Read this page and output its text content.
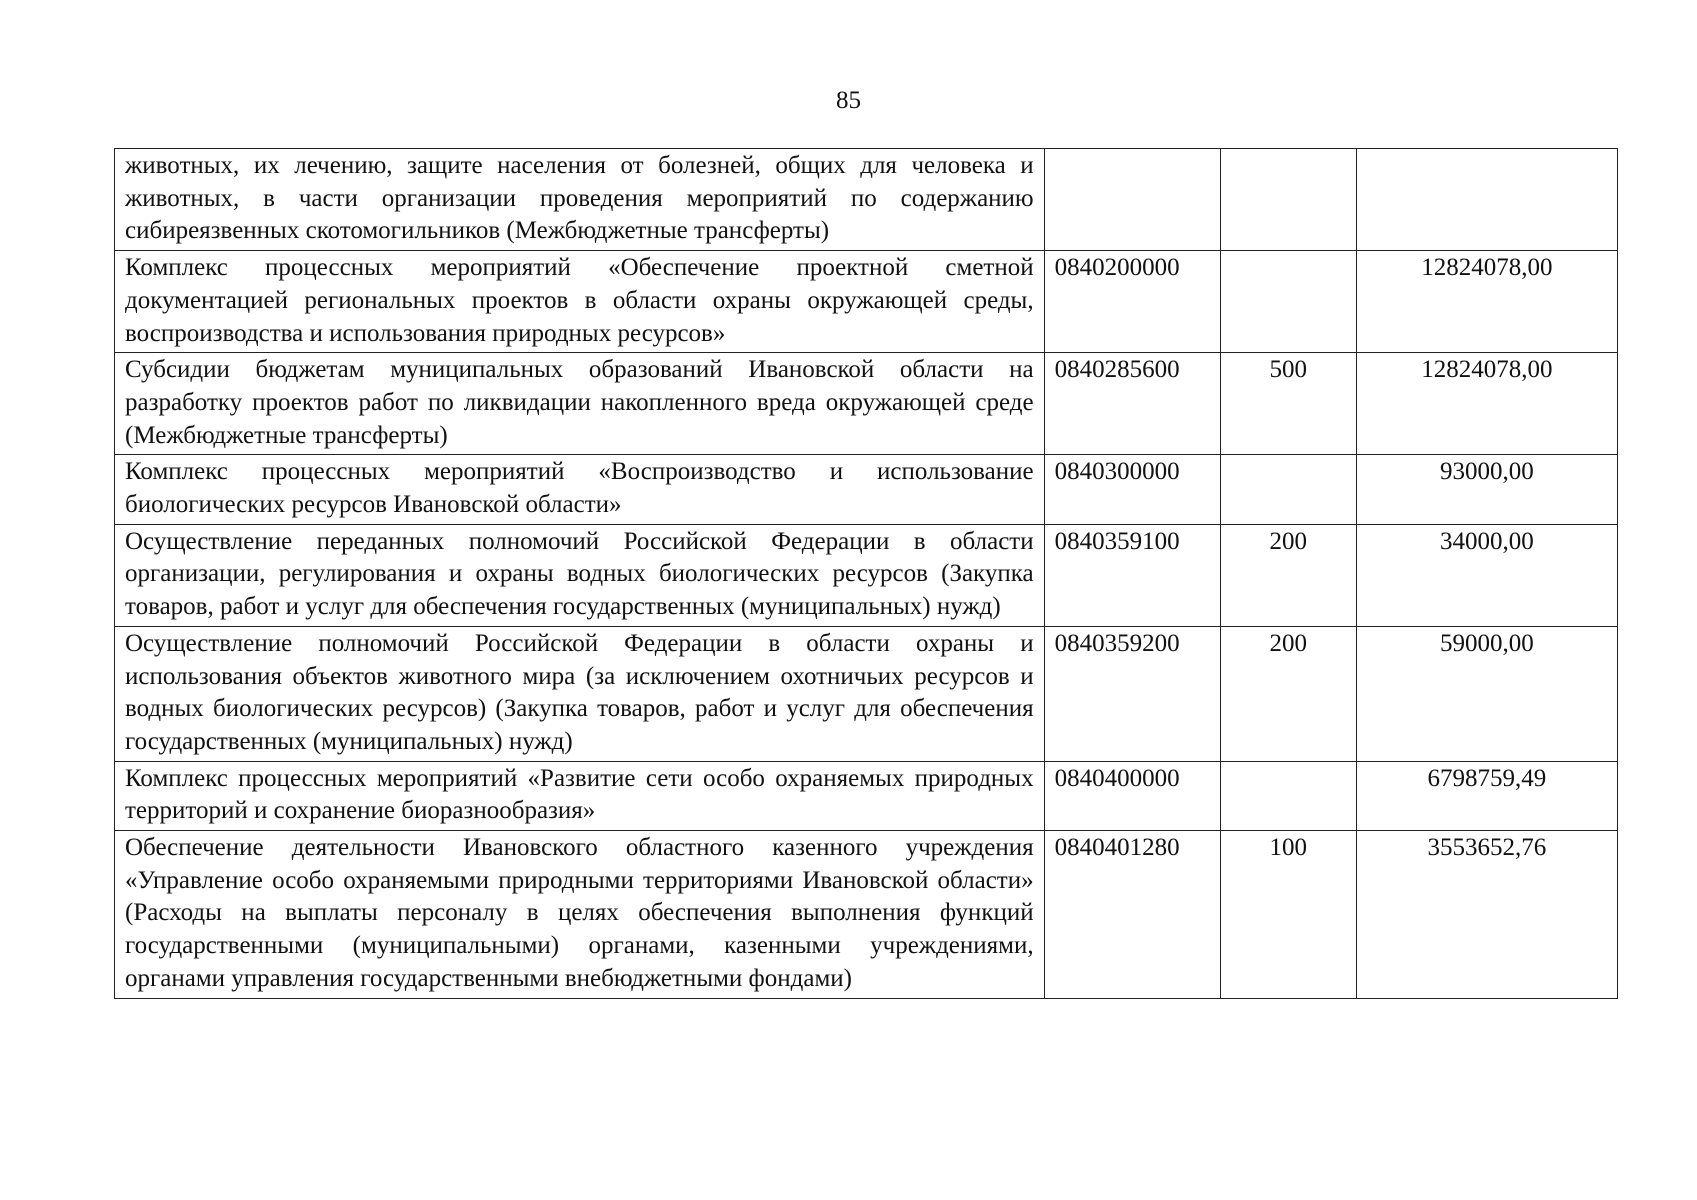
85
животных, их лечению, защите населения от болезней, общих для человека и животных, в части организации проведения мероприятий по содержанию сибиреязвенных скотомогильников (Межбюджетные трансферты)			
Комплекс процессных мероприятий «Обеспечение проектной сметной документацией региональных проектов в области охраны окружающей среды, воспроизводства и использования природных ресурсов»	0840200000		12824078,00
Субсидии бюджетам муниципальных образований Ивановской области на разработку проектов работ по ликвидации накопленного вреда окружающей среде (Межбюджетные трансферты)	0840285600	500	12824078,00
Комплекс процессных мероприятий «Воспроизводство и использование биологических ресурсов Ивановской области»	0840300000		93000,00
Осуществление переданных полномочий Российской Федерации в области организации, регулирования и охраны водных биологических ресурсов (Закупка товаров, работ и услуг для обеспечения государственных (муниципальных) нужд)	0840359100	200	34000,00
Осуществление полномочий Российской Федерации в области охраны и использования объектов животного мира (за исключением охотничьих ресурсов и водных биологических ресурсов) (Закупка товаров, работ и услуг для обеспечения государственных (муниципальных) нужд)	0840359200	200	59000,00
Комплекс процессных мероприятий «Развитие сети особо охраняемых природных территорий и сохранение биоразнообразия»	0840400000		6798759,49
Обеспечение деятельности Ивановского областного казенного учреждения «Управление особо охраняемыми природными территориями Ивановской области» (Расходы на выплаты персоналу в целях обеспечения выполнения функций государственными (муниципальными) органами, казенными учреждениями, органами управления государственными внебюджетными фондами)	0840401280	100	3553652,76
